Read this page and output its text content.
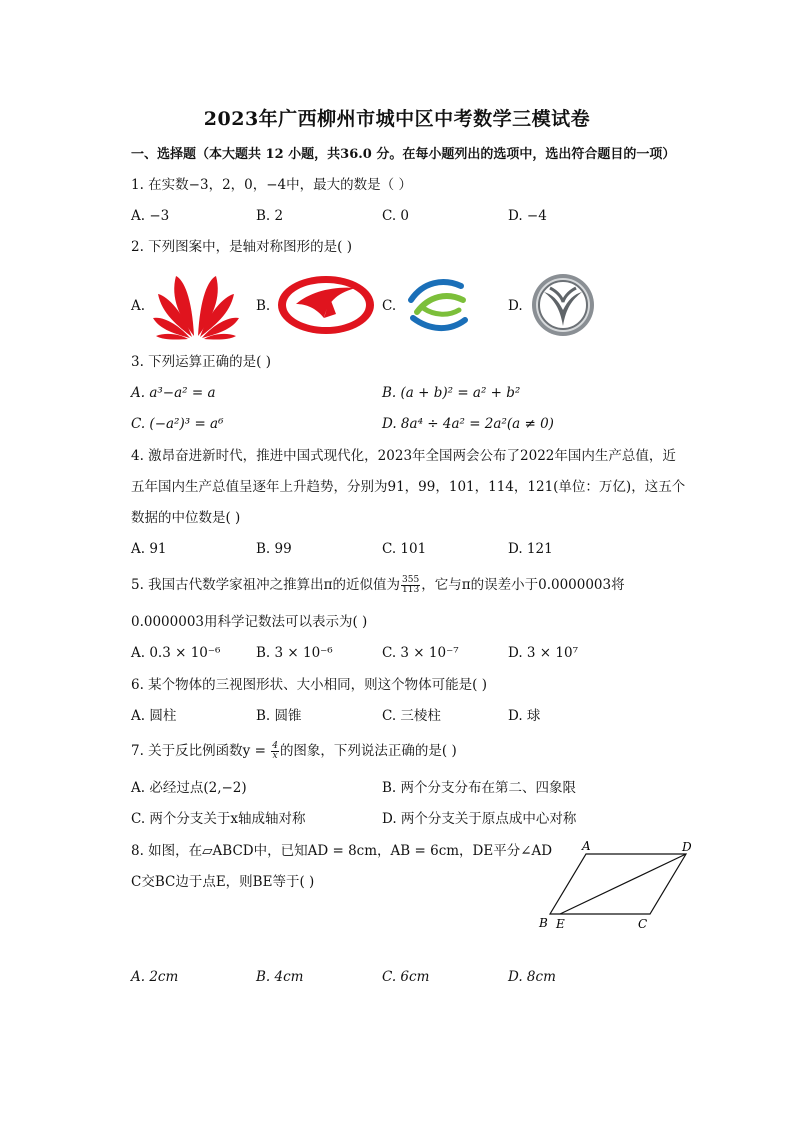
2023年广西柳州市城中区中考数学三模试卷
一、选择题（本大题共 12 小题，共36.0 分。在每小题列出的选项中，选出符合题目的一项）
1. 在实数−3，2，0，−4中，最大的数是（ ）
A. −3	B. 2	C. 0	D. −4
2. 下列图案中，是轴对称图形的是( )
A.	B.	C.	D.
3. 下列运算正确的是( )
A. a³−a² = a	B. (a + b)² = a² + b²
C. (−a²)³ = a⁶	D. 8a⁴ ÷ 4a² = 2a²(a ≠ 0)
4. 激昂奋进新时代，推进中国式现代化，2023年全国两会公布了2022年国内生产总值，近
五年国内生产总值呈逐年上升趋势，分别为91，99，101，114，121(单位：万亿)，这五个
数据的中位数是( )
A. 91	B. 99	C. 101	D. 121
5. 我国古代数学家祖冲之推算出π的近似值为 $\frac{355}{113}$ ，它与π的误差小于0.0000003将
0.0000003用科学记数法可以表示为( )
A. 0.3 × 10⁻⁶	B. 3 × 10⁻⁶	C. 3 × 10⁻⁷	D. 3 × 10⁷
6. 某个物体的三视图形状、大小相同，则这个物体可能是( )
A. 圆柱	B. 圆锥	C. 三棱柱	D. 球
7. 关于反比例函数$y = \frac{4}{x}$ 的图象，下列说法正确的是( )
A. 必经过点(2,−2)	B. 两个分支分布在第二、四象限
C. 两个分支关于x轴成轴对称	D. 两个分支关于原点成中心对称
8. 如图，在▱ABCD中，已知AD = 8cm，AB = 6cm，DE平分∠AD
C交BC边于点E，则BE等于( )
A	D
B E	C
A. 2cm	B. 4cm	C. 6cm	D. 8cm
